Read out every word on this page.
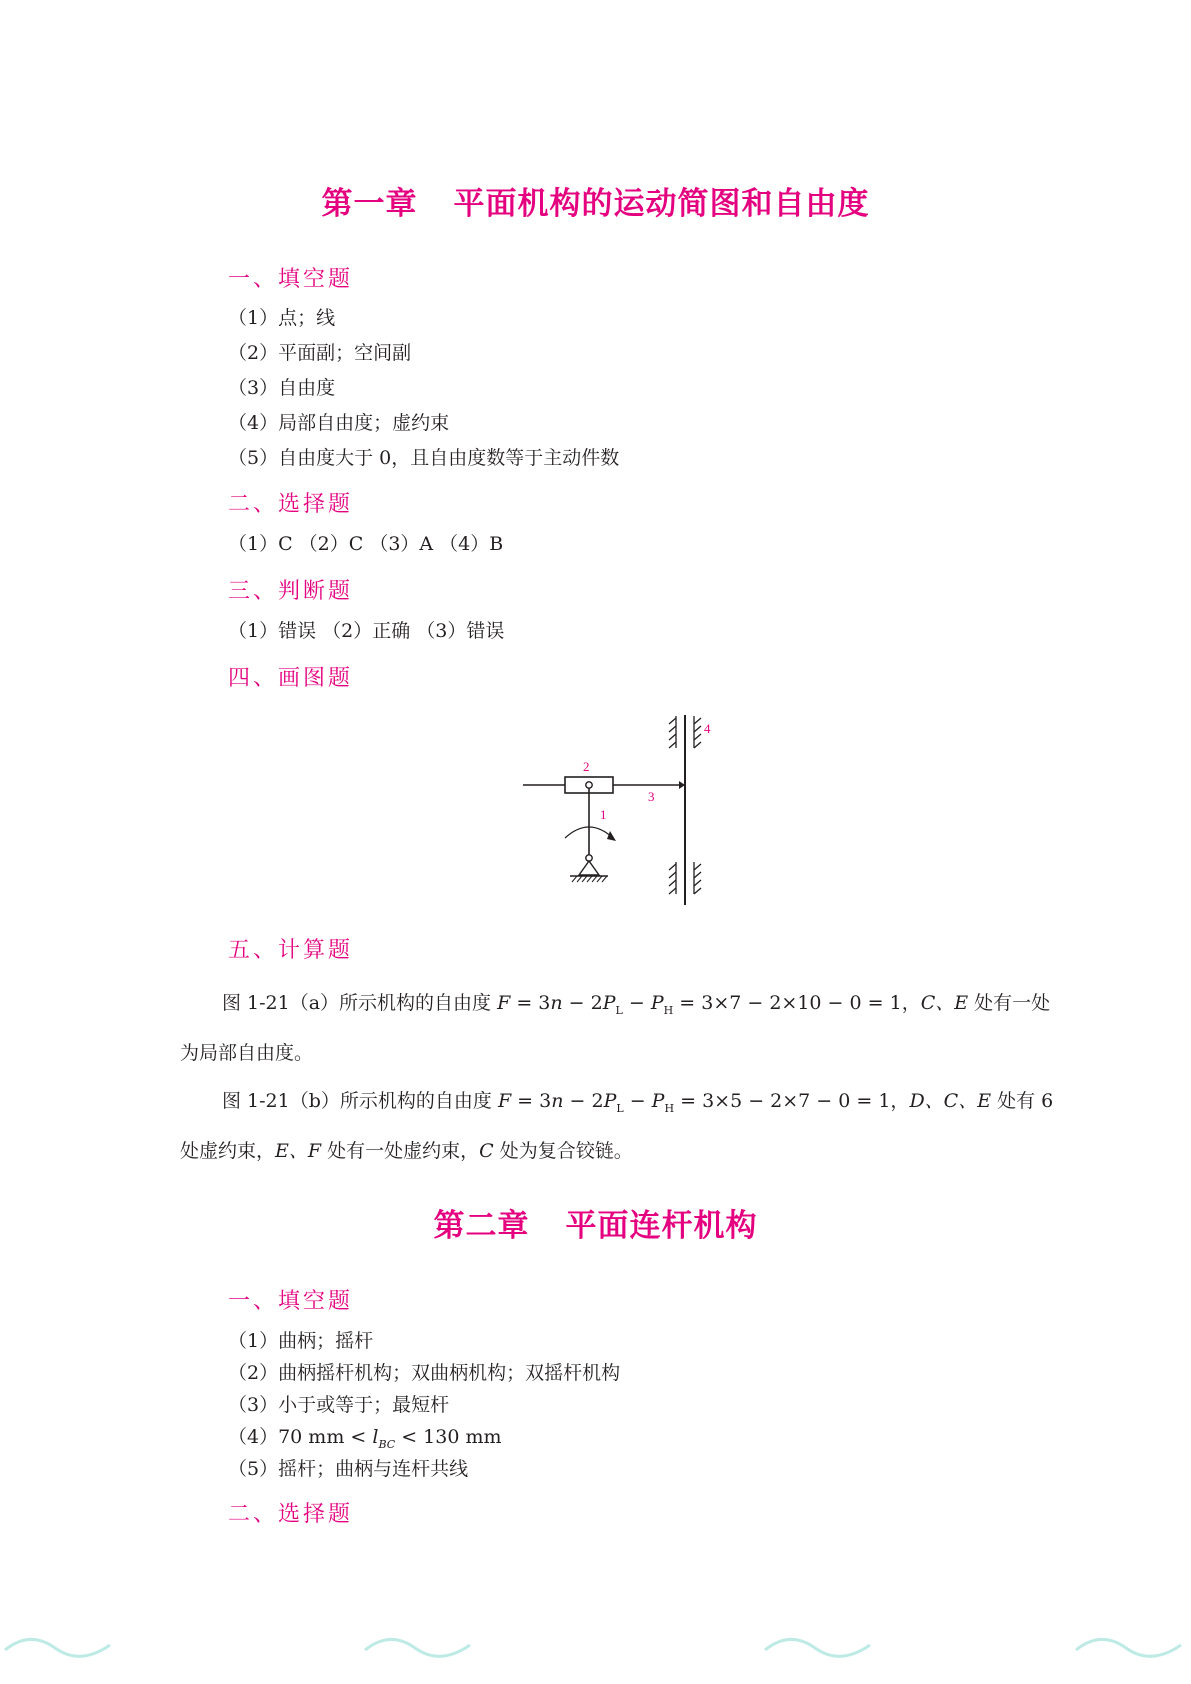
第一章 平面机构的运动简图和自由度
一、填空题
（1）点；线
（2）平面副；空间副
（3）自由度
（4）局部自由度；虚约束
（5）自由度大于 0，且自由度数等于主动件数
二、选择题
（1）C （2）C （3）A （4）B
三、判断题
（1）错误 （2）正确 （3）错误
四、画图题
2
1
3
4
五、计算题
图 1-21（a）所示机构的自由度 $F = 3n - 2P_L - P_H = 3\times 7 - 2\times 10 - 0 = 1$，C、E 处有一处
为局部自由度。
图 1-21（b）所示机构的自由度 $F = 3n - 2P_L - P_H = 3\times 5 - 2\times 7 - 0 = 1$，D、C、E 处有 6
处虚约束，E、F 处有一处虚约束，C 处为复合铰链。
第二章 平面连杆机构
一、填空题
（1）曲柄；摇杆
（2）曲柄摇杆机构；双曲柄机构；双摇杆机构
（3）小于或等于；最短杆
（4）70 mm < $l_{BC} < 130$ mm
（5）摇杆；曲柄与连杆共线
二、选择题
